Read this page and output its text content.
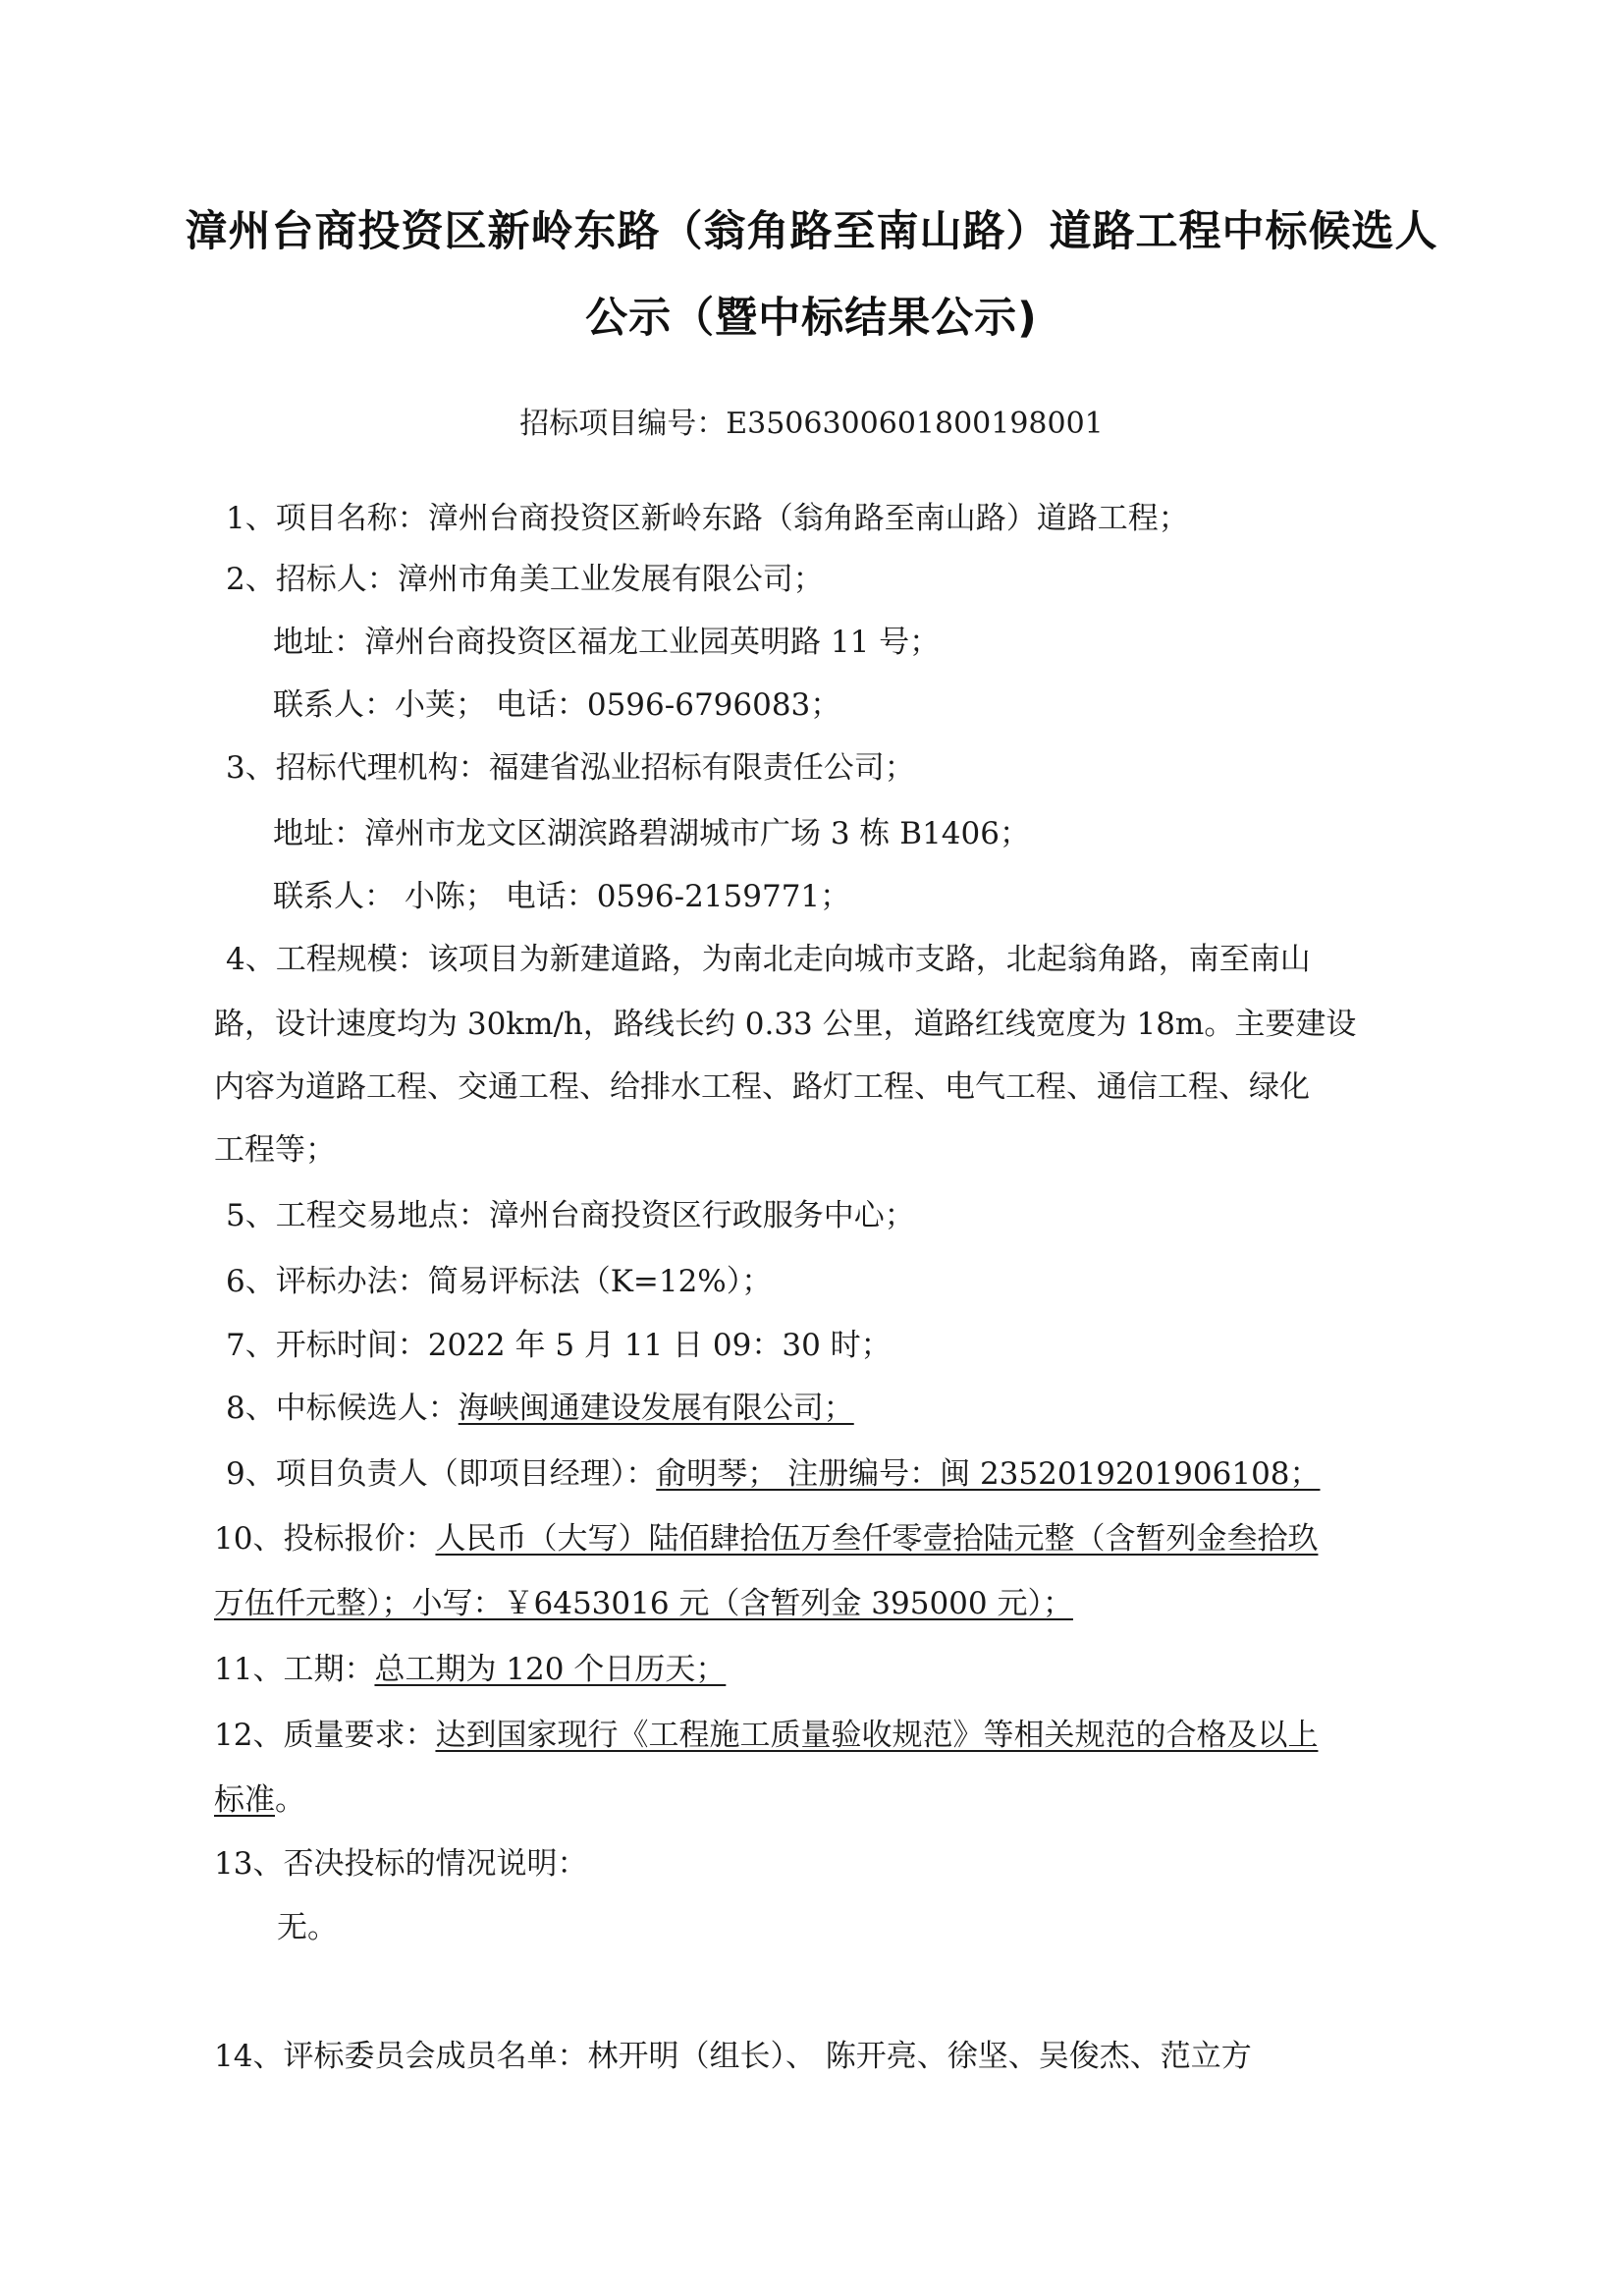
漳州台商投资区新岭东路（翁角路至南山路）道路工程中标候选人
公示（暨中标结果公示)
招标项目编号：E3506300601800198001
1、项目名称：漳州台商投资区新岭东路（翁角路至南山路）道路工程；
2、招标人：漳州市角美工业发展有限公司；
地址：漳州台商投资区福龙工业园英明路 11 号；
联系人：小荚； 电话：0596-6796083；
3、招标代理机构：福建省泓业招标有限责任公司；
地址：漳州市龙文区湖滨路碧湖城市广场 3 栋 B1406；
联系人： 小陈； 电话：0596-2159771；
4、工程规模：该项目为新建道路，为南北走向城市支路，北起翁角路，南至南山
路，设计速度均为 30km/h，路线长约 0.33 公里，道路红线宽度为 18m。主要建设
内容为道路工程、交通工程、给排水工程、路灯工程、电气工程、通信工程、绿化
工程等；
5、工程交易地点：漳州台商投资区行政服务中心；
6、评标办法：简易评标法（K=12%）；
7、开标时间：2022 年 5 月 11 日 09：30 时；
8、中标候选人：海峡闽通建设发展有限公司；
9、项目负责人（即项目经理）：俞明琴； 注册编号：闽 2352019201906108；
10、投标报价：人民币（大写）陆佰肆拾伍万叁仟零壹拾陆元整（含暂列金叁拾玖
万伍仟元整）；小写：￥6453016 元（含暂列金 395000 元）；
11、工期：总工期为 120 个日历天；
12、质量要求：达到国家现行《工程施工质量验收规范》等相关规范的合格及以上
标准。
13、否决投标的情况说明：
无。
14、评标委员会成员名单：林开明（组长）、 陈开亮、徐坚、吴俊杰、范立方
